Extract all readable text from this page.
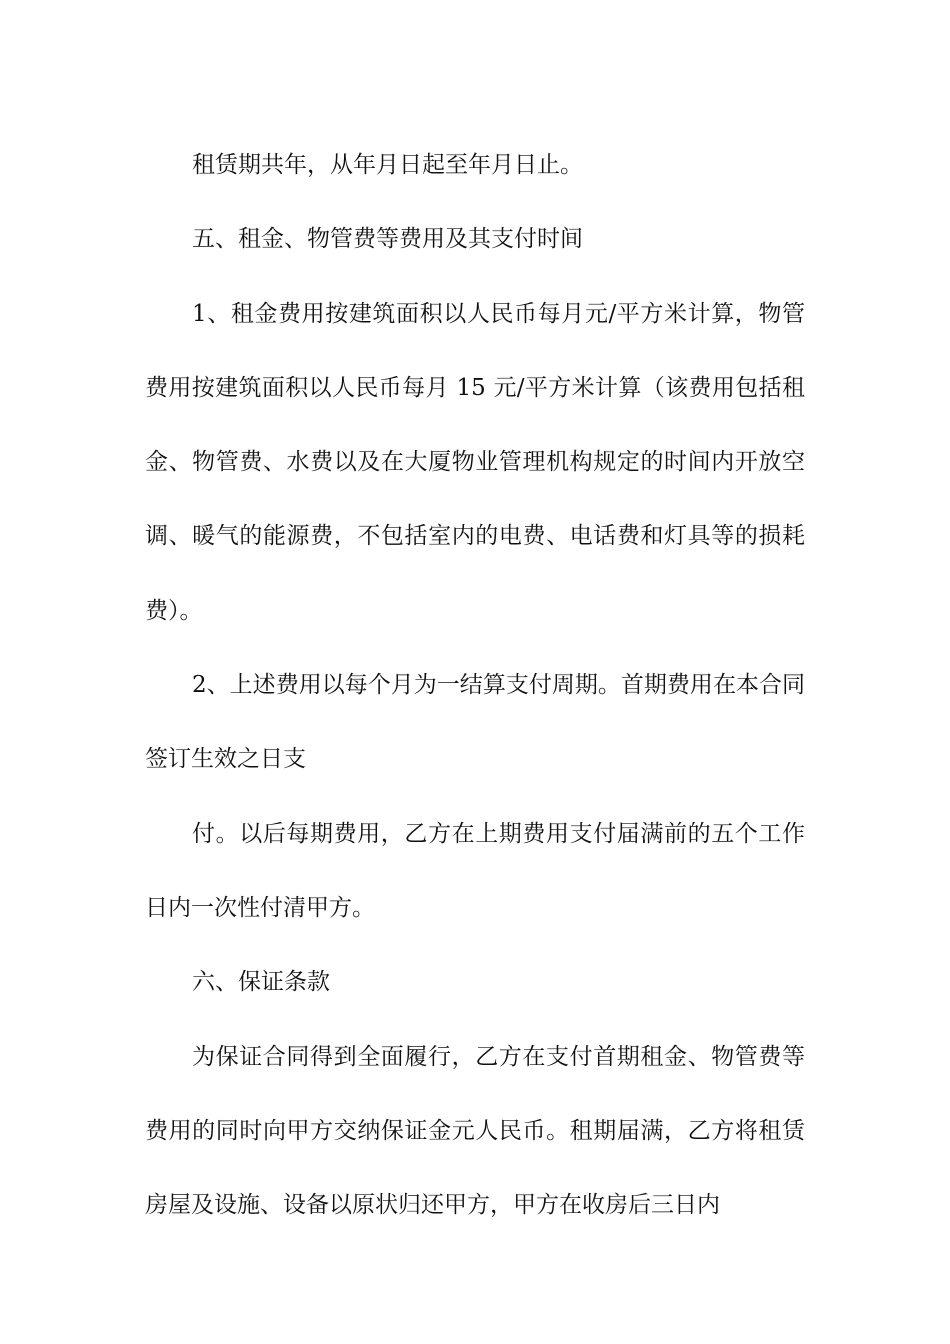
租赁期共年，从年月日起至年月日止。

五、租金、物管费等费用及其支付时间

1、租金费用按建筑面积以人民币每月元/平方米计算，物管费用按建筑面积以人民币每月 15 元/平方米计算（该费用包括租金、物管费、水费以及在大厦物业管理机构规定的时间内开放空调、暖气的能源费，不包括室内的电费、电话费和灯具等的损耗费）。

2、上述费用以每个月为一结算支付周期。首期费用在本合同签订生效之日支

付。以后每期费用，乙方在上期费用支付届满前的五个工作日内一次性付清甲方。

六、保证条款

为保证合同得到全面履行，乙方在支付首期租金、物管费等费用的同时向甲方交纳保证金元人民币。租期届满，乙方将租赁房屋及设施、设备以原状归还甲方，甲方在收房后三日内
